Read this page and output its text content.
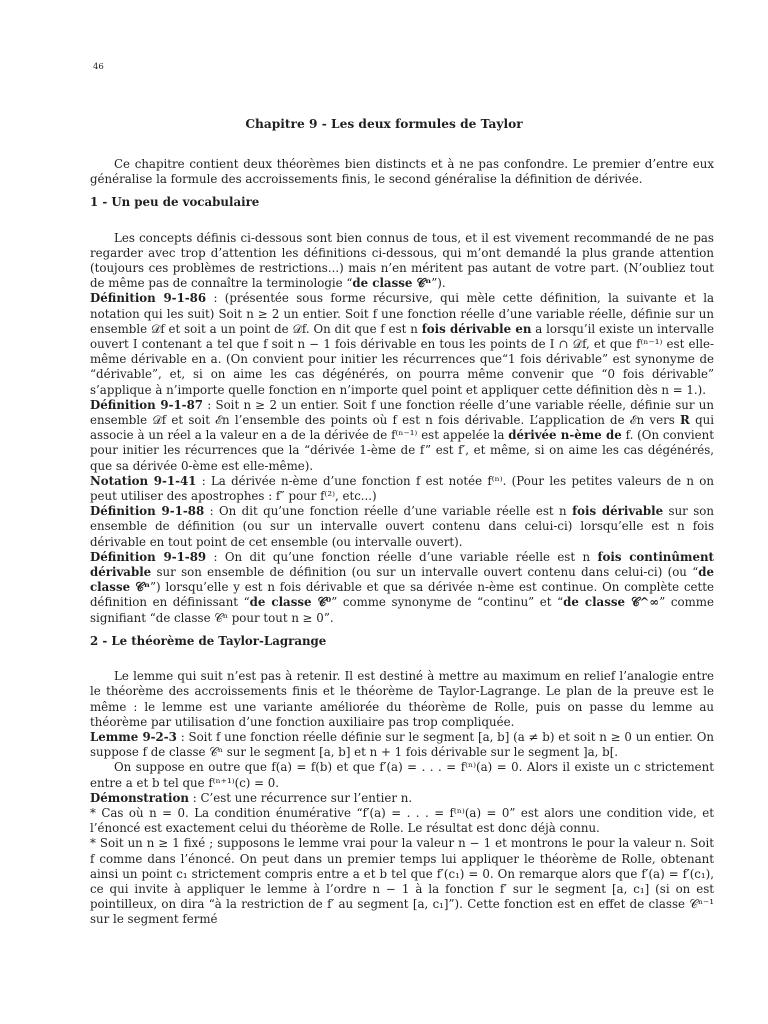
46
Chapitre 9 - Les deux formules de Taylor

Ce chapitre contient deux théorèmes bien distincts et à ne pas confondre. Le premier d’entre eux généralise la formule des accroissements finis, le second généralise la définition de dérivée.

1 - Un peu de vocabulaire

Les concepts définis ci-dessous sont bien connus de tous, et il est vivement recommandé de ne pas regarder avec trop d’attention les définitions ci-dessous, qui m’ont demandé la plus grande attention (toujours ces problèmes de restrictions...) mais n’en méritent pas autant de votre part. (N’oubliez tout de même pas de connaître la terminologie “de classe 𝒞ⁿ”).

Définition 9-1-86 : (présentée sous forme récursive, qui mèle cette définition, la suivante et la notation qui les suit) Soit n ≥ 2 un entier. Soit f une fonction réelle d’une variable réelle, définie sur un ensemble 𝒟f et soit a un point de 𝒟f. On dit que f est n fois dérivable en a lorsqu’il existe un intervalle ouvert I contenant a tel que f soit n − 1 fois dérivable en tous les points de I ∩ 𝒟f, et que f⁽ⁿ⁻¹⁾ est elle-même dérivable en a. (On convient pour initier les récurrences que“1 fois dérivable” est synonyme de “dérivable”, et, si on aime les cas dégénérés, on pourra même convenir que “0 fois dérivable” s’applique à n’importe quelle fonction en n’importe quel point et appliquer cette définition dès n = 1.).

Définition 9-1-87 : Soit n ≥ 2 un entier. Soit f une fonction réelle d’une variable réelle, définie sur un ensemble 𝒟f et soit ℰn l’ensemble des points où f est n fois dérivable. L’application de ℰn vers R qui associe à un réel a la valeur en a de la dérivée de f⁽ⁿ⁻¹⁾ est appelée la dérivée n-ème de f. (On convient pour initier les récurrences que la “dérivée 1-ème de f” est f′, et même, si on aime les cas dégénérés, que sa dérivée 0-ème est elle-même).

Notation 9-1-41 : La dérivée n-ème d’une fonction f est notée f⁽ⁿ⁾. (Pour les petites valeurs de n on peut utiliser des apostrophes : f″ pour f⁽²⁾, etc...)

Définition 9-1-88 : On dit qu’une fonction réelle d’une variable réelle est n fois dérivable sur son ensemble de définition (ou sur un intervalle ouvert contenu dans celui-ci) lorsqu’elle est n fois dérivable en tout point de cet ensemble (ou intervalle ouvert).

Définition 9-1-89 : On dit qu’une fonction réelle d’une variable réelle est n fois continûment dérivable sur son ensemble de définition (ou sur un intervalle ouvert contenu dans celui-ci) (ou “de classe 𝒞ⁿ”) lorsqu’elle y est n fois dérivable et que sa dérivée n-ème est continue. On complète cette définition en définissant “de classe 𝒞⁰” comme synonyme de “continu” et “de classe 𝒞^∞” comme signifiant “de classe 𝒞ⁿ pour tout n ≥ 0”.

2 - Le théorème de Taylor-Lagrange

Le lemme qui suit n’est pas à retenir. Il est destiné à mettre au maximum en relief l’analogie entre le théorème des accroissements finis et le théorème de Taylor-Lagrange. Le plan de la preuve est le même : le lemme est une variante améliorée du théorème de Rolle, puis on passe du lemme au théorème par utilisation d’une fonction auxiliaire pas trop compliquée.

Lemme 9-2-3 : Soit f une fonction réelle définie sur le segment [a, b] (a ≠ b) et soit n ≥ 0 un entier. On suppose f de classe 𝒞ⁿ sur le segment [a, b] et n + 1 fois dérivable sur le segment ]a, b[.

On suppose en outre que f(a) = f(b) et que f′(a) = . . . = f⁽ⁿ⁾(a) = 0. Alors il existe un c strictement entre a et b tel que f⁽ⁿ⁺¹⁾(c) = 0.

Démonstration : C’est une récurrence sur l’entier n.

* Cas où n = 0. La condition énumérative “f′(a) = . . . = f⁽ⁿ⁾(a) = 0” est alors une condition vide, et l’énoncé est exactement celui du théorème de Rolle. Le résultat est donc déjà connu.

* Soit un n ≥ 1 fixé ; supposons le lemme vrai pour la valeur n − 1 et montrons le pour la valeur n. Soit f comme dans l’énoncé. On peut dans un premier temps lui appliquer le théorème de Rolle, obtenant ainsi un point c₁ strictement compris entre a et b tel que f′(c₁) = 0. On remarque alors que f′(a) = f′(c₁), ce qui invite à appliquer le lemme à l’ordre n − 1 à la fonction f′ sur le segment [a, c₁] (si on est pointilleux, on dira “à la restriction de f′ au segment [a, c₁]”). Cette fonction est en effet de classe 𝒞ⁿ⁻¹ sur le segment fermé
